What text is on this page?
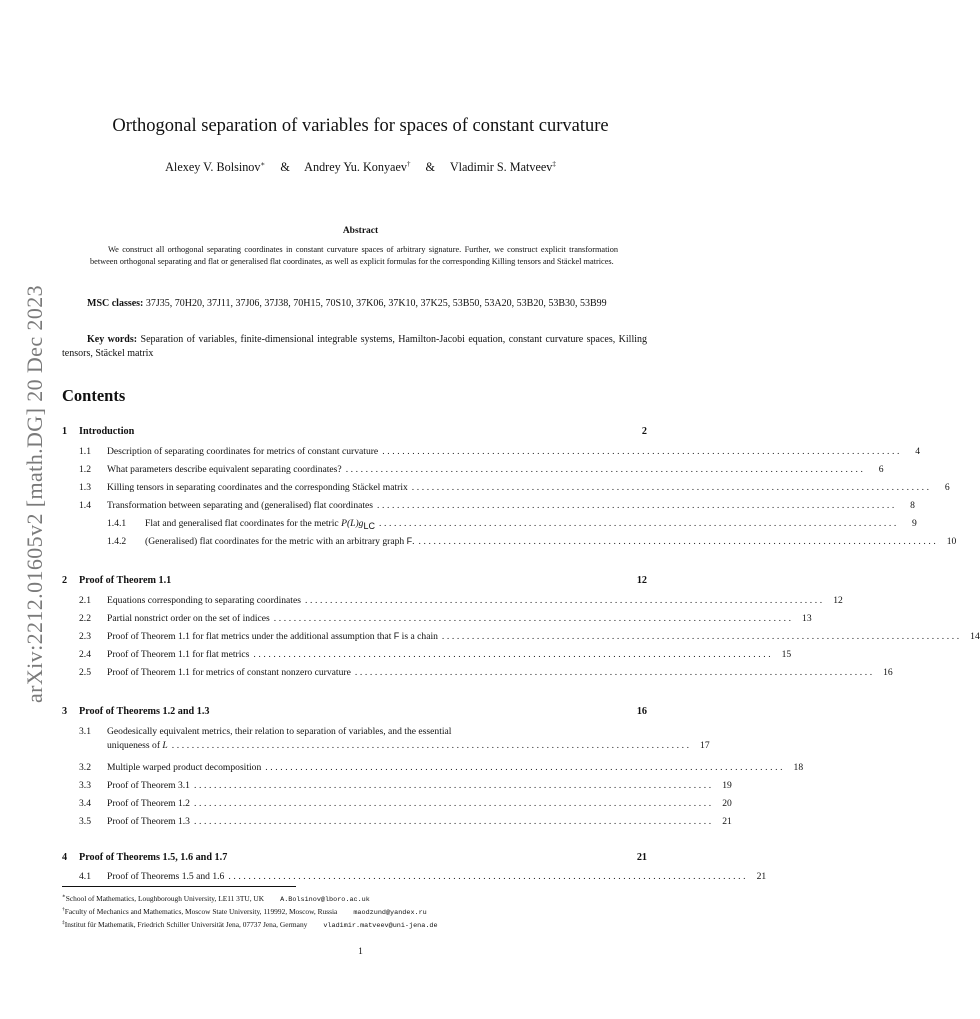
arXiv:2212.01605v2 [math.DG] 20 Dec 2023
Orthogonal separation of variables for spaces of constant curvature
Alexey V. Bolsinov∗ & Andrey Yu. Konyaev† & Vladimir S. Matveev‡
Abstract

We construct all orthogonal separating coordinates in constant curvature spaces of arbitrary signature. Further, we construct explicit transformation between orthogonal separating and flat or generalised flat coordinates, as well as explicit formulas for the corresponding Killing tensors and Stäckel matrices.

MSC classes: 37J35, 70H20, 37J11, 37J06, 37J38, 70H15, 70S10, 37K06, 37K10, 37K25, 53B50, 53A20, 53B20, 53B30, 53B99

Key words: Separation of variables, finite-dimensional integrable systems, Hamilton-Jacobi equation, constant curvature spaces, Killing tensors, Stäckel matrix

Contents
1	Introduction	2
1.1	Description of separating coordinates for metrics of constant curvature ........................................................................................................	4
1.2	What parameters describe equivalent separating coordinates? ........................................................................................................	6
1.3	Killing tensors in separating coordinates and the corresponding Stäckel matrix ........................................................................................................	6
1.4	Transformation between separating and (generalised) flat coordinates ........................................................................................................	8
1.4.1	Flat and generalised flat coordinates for the metric $P(L)g_{LC}$ ........................................................................................................	9
1.4.2	(Generalised) flat coordinates for the metric with an arbitrary graph F. ........................................................................................................ 10
2	Proof of Theorem 1.1	12
2.1	Equations corresponding to separating coordinates ........................................................................................................ 12
2.2	Partial nonstrict order on the set of indices ........................................................................................................ 13
2.3	Proof of Theorem 1.1 for flat metrics under the additional assumption that F is a chain ........................................................................................................ 14
2.4	Proof of Theorem 1.1 for flat metrics ........................................................................................................ 15
2.5	Proof of Theorem 1.1 for metrics of constant nonzero curvature ........................................................................................................ 16
3	Proof of Theorems 1.2 and 1.3	16
3.1	Geodesically equivalent metrics, their relation to separation of variables, and the essential
uniqueness of L ........................................................................................................ 17
3.2	Multiple warped product decomposition ........................................................................................................ 18
3.3	Proof of Theorem 3.1 ........................................................................................................ 19
3.4	Proof of Theorem 1.2 ........................................................................................................ 20
3.5	Proof of Theorem 1.3 ........................................................................................................ 21
4	Proof of Theorems 1.5, 1.6 and 1.7	21
4.1	Proof of Theorems 1.5 and 1.6 ........................................................................................................ 21
∗School of Mathematics, Loughborough University, LE11 3TU, UK A.Bolsinov@lboro.ac.uk
†Faculty of Mechanics and Mathematics, Moscow State University, 119992, Moscow, Russia maodzund@yandex.ru
‡Institut für Mathematik, Friedrich Schiller Universität Jena, 07737 Jena, Germany vladimir.matveev@uni-jena.de
1
